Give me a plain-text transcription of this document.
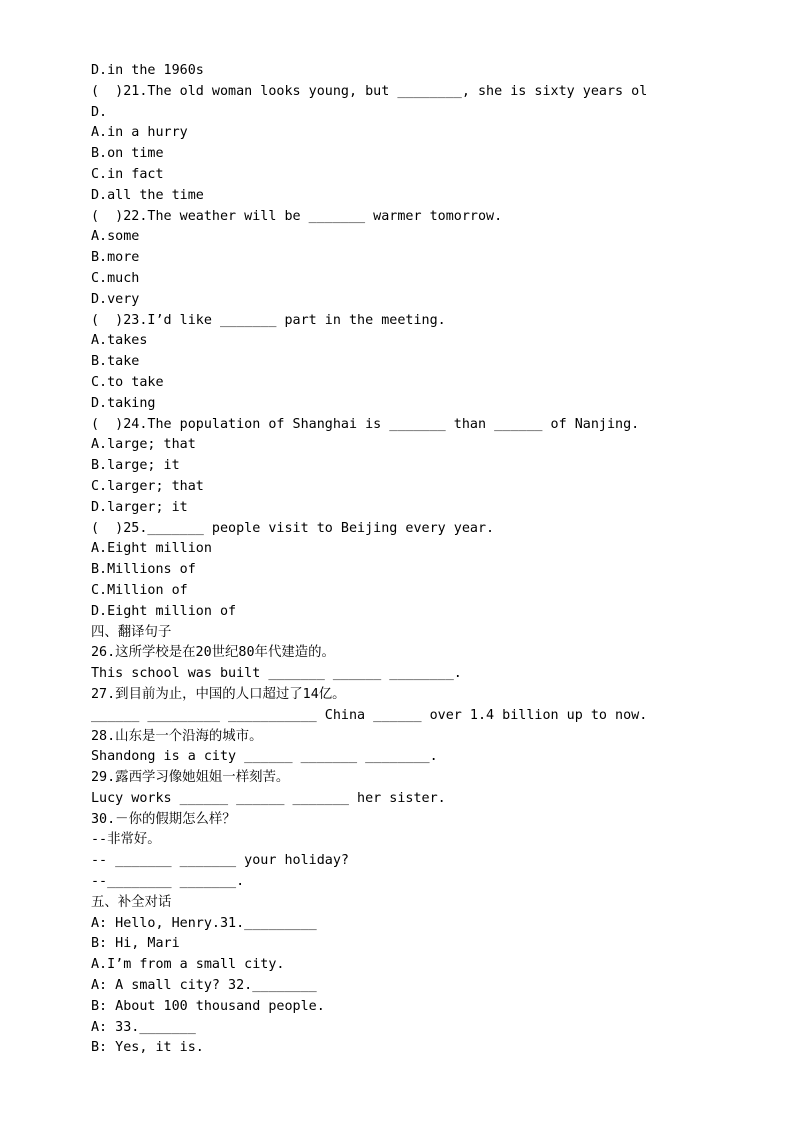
D.in the 1960s
(  )21.The old woman looks young, but ________, she is sixty years ol
D.
A.in a hurry
B.on time
C.in fact
D.all the time
(  )22.The weather will be _______ warmer tomorrow.
A.some
B.more
C.much
D.very
(  )23.I’d like _______ part in the meeting.
A.takes
B.take
C.to take
D.taking
(  )24.The population of Shanghai is _______ than ______ of Nanjing.
A.large; that
B.large; it
C.larger; that
D.larger; it
(  )25._______ people visit to Beijing every year.
A.Eight million
B.Millions of
C.Million of
D.Eight million of
四、翻译句子
26.这所学校是在20世纪80年代建造的。
This school was built _______ ______ ________.
27.到目前为止，中国的人口超过了14亿。
______ _________ ___________ China ______ over 1.4 billion up to now.
28.山东是一个沿海的城市。
Shandong is a city ______ _______ ________.
29.露西学习像她姐姐一样刻苦。
Lucy works ______ ______ _______ her sister.
30.－你的假期怎么样？
--非常好。
-- _______ _______ your holiday?
--________ _______.
五、补全对话
A: Hello, Henry.31._________
B: Hi, Mari
A.I’m from a small city.
A: A small city? 32.________
B: About 100 thousand people.
A: 33._______
B: Yes, it is.
